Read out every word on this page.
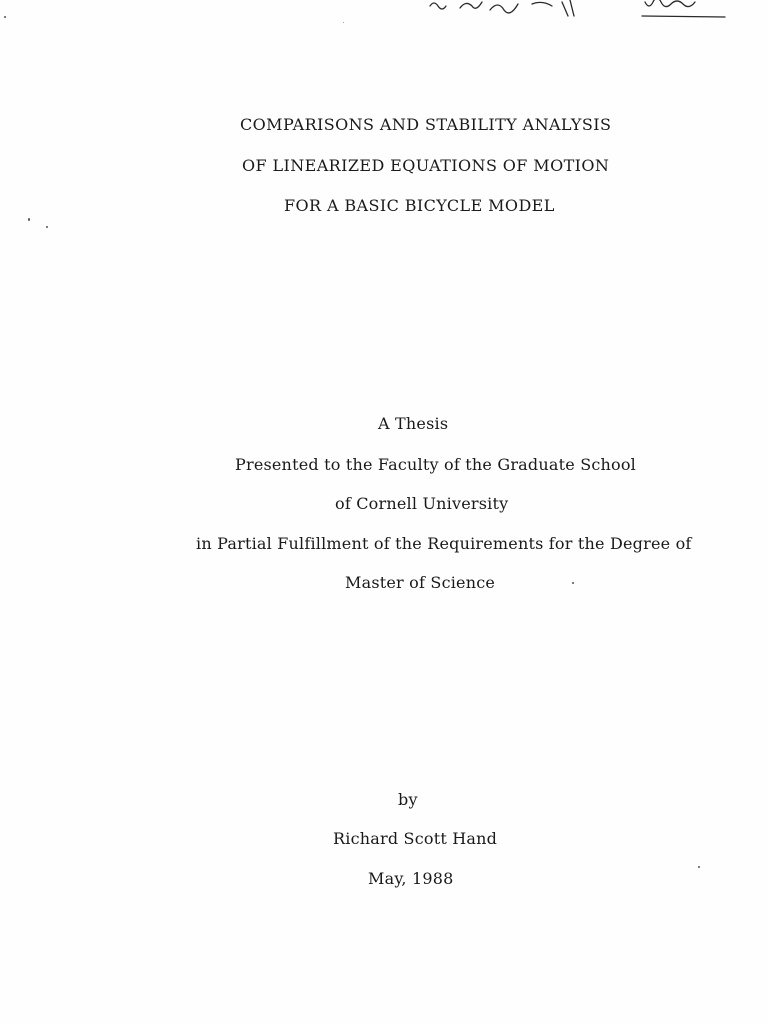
COMPARISONS AND STABILITY ANALYSIS
OF LINEARIZED EQUATIONS OF MOTION
FOR A BASIC BICYCLE MODEL
A Thesis
Presented to the Faculty of the Graduate School
of Cornell University
in Partial Fulfillment of the Requirements for the Degree of
Master of Science
by
Richard Scott Hand
May, 1988
